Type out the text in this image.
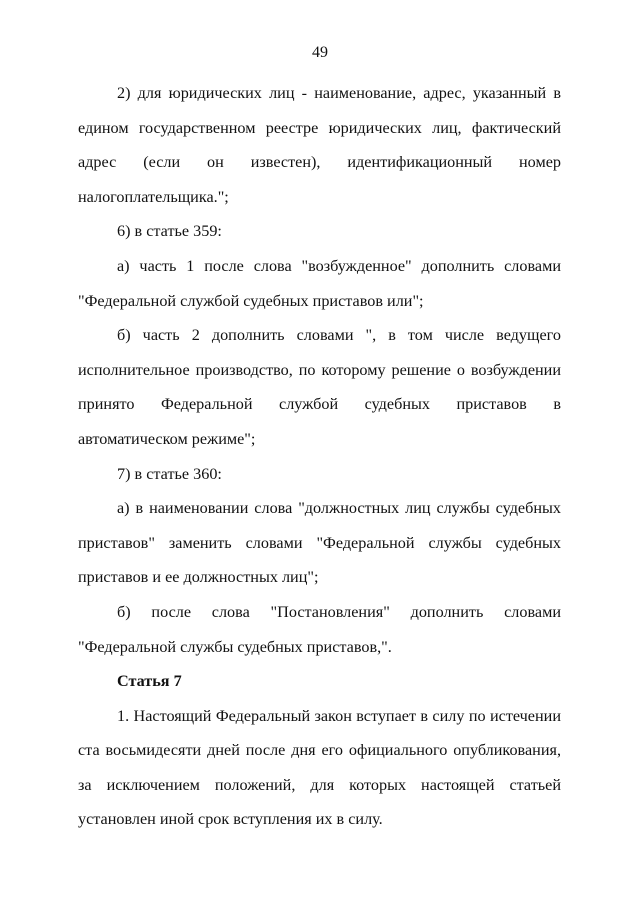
49

2) для юридических лиц - наименование, адрес, указанный в едином государственном реестре юридических лиц, фактический адрес (если он известен), идентификационный номер налогоплательщика.";

6) в статье 359:

а) часть 1 после слова "возбужденное" дополнить словами "Федеральной службой судебных приставов или";

б) часть 2 дополнить словами ", в том числе ведущего исполнительное производство, по которому решение о возбуждении принято Федеральной службой судебных приставов в автоматическом режиме";

7) в статье 360:

а) в наименовании слова "должностных лиц службы судебных приставов" заменить словами "Федеральной службы судебных приставов и ее должностных лиц";

б) после слова "Постановления" дополнить словами "Федеральной службы судебных приставов,".

Статья 7

1. Настоящий Федеральный закон вступает в силу по истечении ста восьмидесяти дней после дня его официального опубликования, за исключением положений, для которых настоящей статьей установлен иной срок вступления их в силу.
